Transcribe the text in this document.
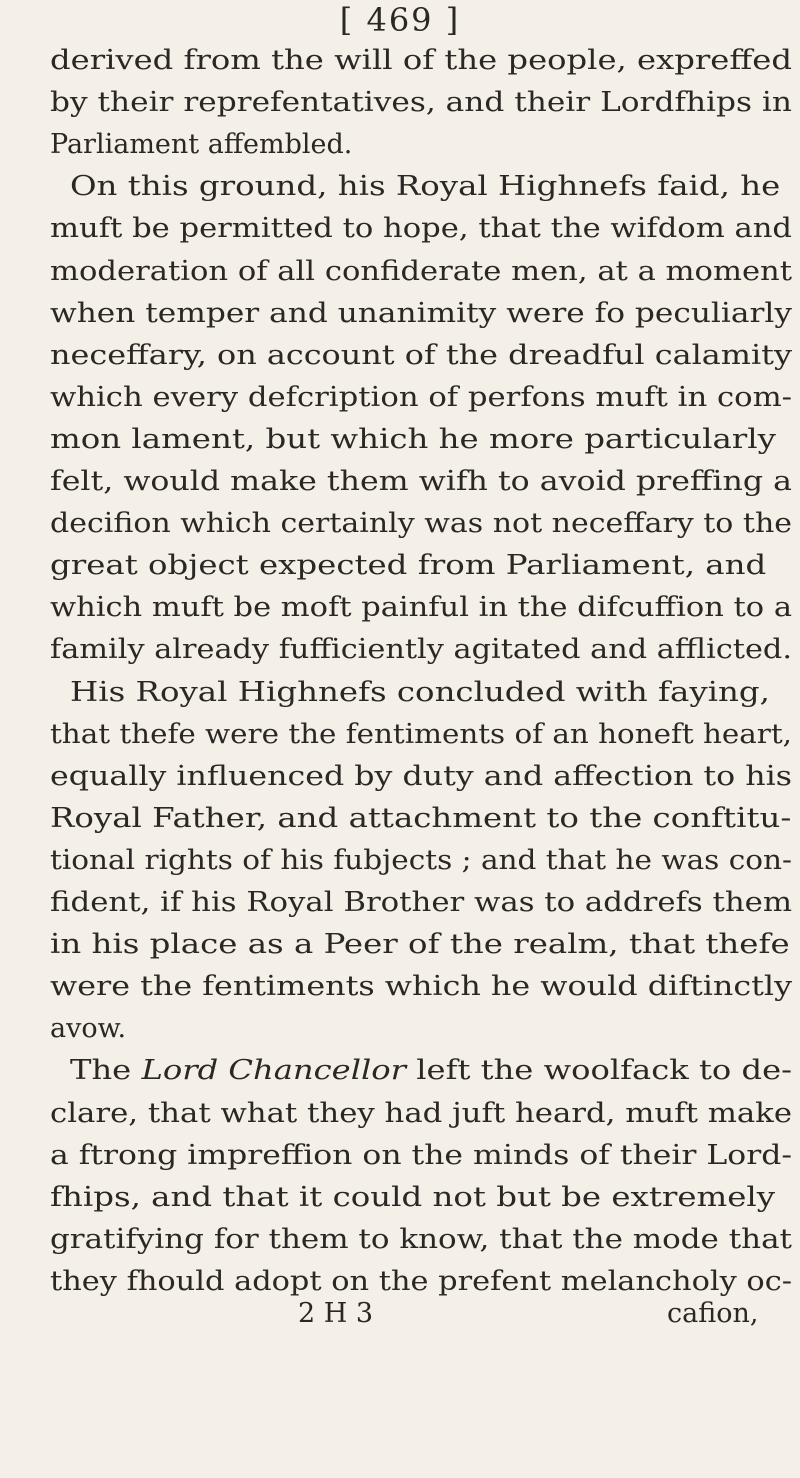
[ 469 ]
derived from the will of the people, expreffed
by their reprefentatives, and their Lordfhips in
Parliament affembled.
On this ground, his Royal Highnefs faid, he
muft be permitted to hope, that the wifdom and
moderation of all confiderate men, at a moment
when temper and unanimity were fo peculiarly
neceffary, on account of the dreadful calamity
which every defcription of perfons muft in com-
mon lament, but which he more particularly
felt, would make them wifh to avoid preffing a
decifion which certainly was not neceffary to the
great object expected from Parliament, and
which muft be moft painful in the difcuffion to a
family already fufficiently agitated and afflicted.
His Royal Highnefs concluded with faying,
that thefe were the fentiments of an honeft heart,
equally influenced by duty and affection to his
Royal Father, and attachment to the conftitu-
tional rights of his fubjects ; and that he was con-
fident, if his Royal Brother was to addrefs them
in his place as a Peer of the realm, that thefe
were the fentiments which he would diftinctly
avow.
The Lord Chancellor left the woolfack to de-
clare, that what they had juft heard, muft make
a ftrong impreffion on the minds of their Lord-
fhips, and that it could not but be extremely
gratifying for them to know, that the mode that
they fhould adopt on the prefent melancholy oc-
2 H 3	cafion,
